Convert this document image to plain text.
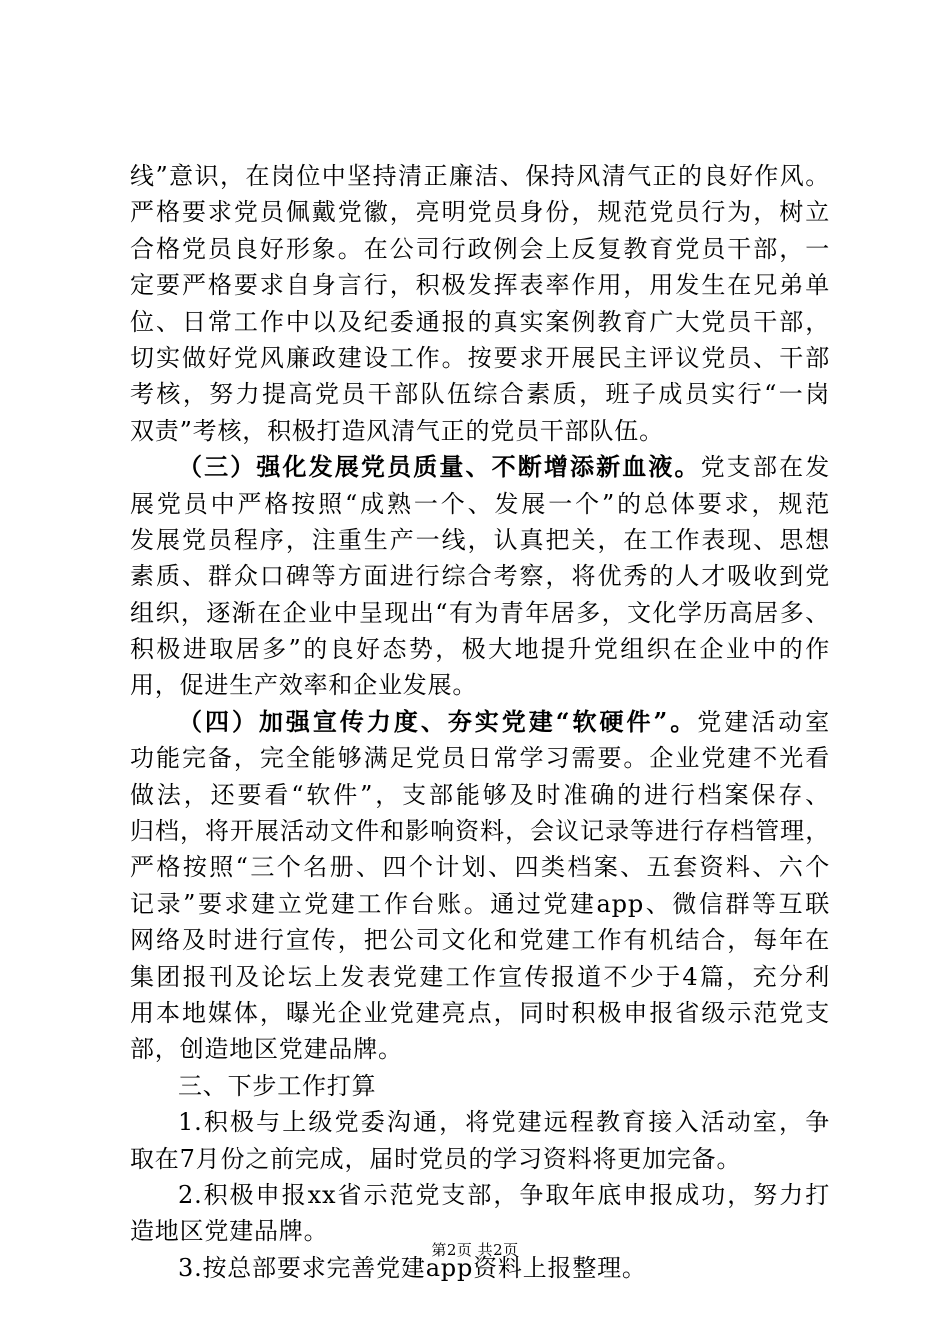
线”意识，在岗位中坚持清正廉洁、保持风清气正的良好作风。
严格要求党员佩戴党徽，亮明党员身份，规范党员行为，树立
合格党员良好形象。在公司行政例会上反复教育党员干部，一
定要严格要求自身言行，积极发挥表率作用，用发生在兄弟单
位、日常工作中以及纪委通报的真实案例教育广大党员干部，
切实做好党风廉政建设工作。按要求开展民主评议党员、干部
考核，努力提高党员干部队伍综合素质，班子成员实行“一岗
双责”考核，积极打造风清气正的党员干部队伍。
（三）强化发展党员质量、不断增添新血液。党支部在发
展党员中严格按照“成熟一个、发展一个”的总体要求，规范
发展党员程序，注重生产一线，认真把关，在工作表现、思想
素质、群众口碑等方面进行综合考察，将优秀的人才吸收到党
组织，逐渐在企业中呈现出“有为青年居多，文化学历高居多、
积极进取居多”的良好态势，极大地提升党组织在企业中的作
用，促进生产效率和企业发展。
（四）加强宣传力度、夯实党建“软硬件”。党建活动室
功能完备，完全能够满足党员日常学习需要。企业党建不光看
做法，还要看“软件”，支部能够及时准确的进行档案保存、
归档，将开展活动文件和影响资料，会议记录等进行存档管理，
严格按照“三个名册、四个计划、四类档案、五套资料、六个
记录”要求建立党建工作台账。通过党建app、微信群等互联
网络及时进行宣传，把公司文化和党建工作有机结合，每年在
集团报刊及论坛上发表党建工作宣传报道不少于4篇，充分利
用本地媒体，曝光企业党建亮点，同时积极申报省级示范党支
部，创造地区党建品牌。
三、下步工作打算
1.积极与上级党委沟通，将党建远程教育接入活动室，争
取在7月份之前完成，届时党员的学习资料将更加完备。
2.积极申报xx省示范党支部，争取年底申报成功，努力打
造地区党建品牌。
3.按总部要求完善党建app资料上报整理。
第2页 共2页
